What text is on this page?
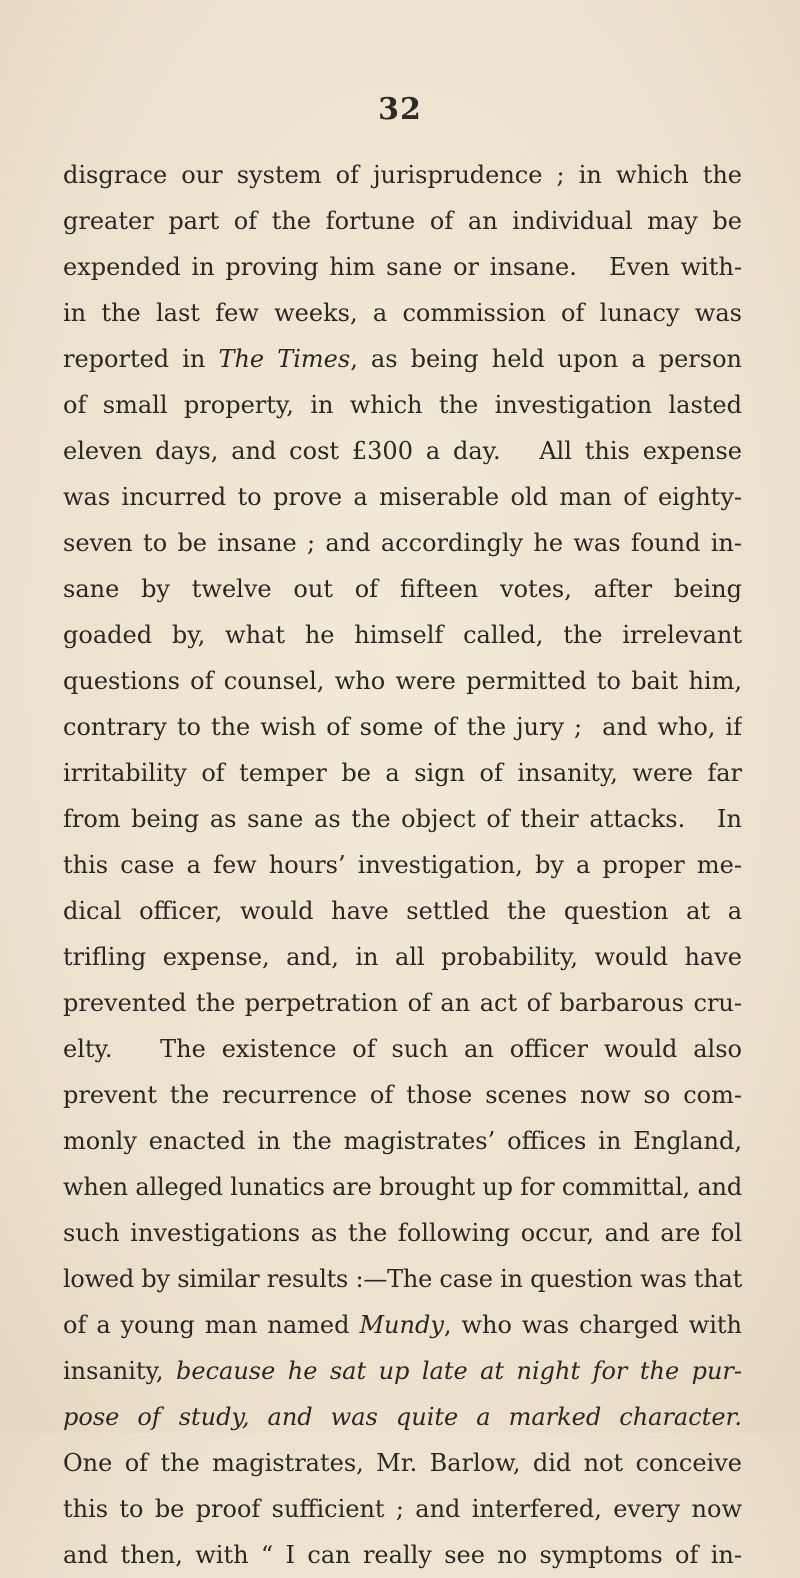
32
disgrace our system of jurisprudence ; in which the
greater part of the fortune of an individual may be
expended in proving him sane or insane.   Even with-
in the last few weeks, a commission of lunacy was
reported in The Times, as being held upon a person
of small property, in which the investigation lasted
eleven days, and cost £300 a day.   All this expense
was incurred to prove a miserable old man of eighty-
seven to be insane ; and accordingly he was found in-
sane by twelve out of fifteen votes, after being
goaded by, what he himself called, the irrelevant
questions of counsel, who were permitted to bait him,
contrary to the wish of some of the jury ;  and who, if
irritability of temper be a sign of insanity, were far
from being as sane as the object of their attacks.   In
this case a few hours’ investigation, by a proper me-
dical officer, would have settled the question at a
trifling expense, and, in all probability, would have
prevented the perpetration of an act of barbarous cru-
elty.   The existence of such an officer would also
prevent the recurrence of those scenes now so com-
monly enacted in the magistrates’ offices in England,
when alleged lunatics are brought up for committal, and
such investigations as the following occur, and are fol
lowed by similar results :—The case in question was that
of a young man named Mundy, who was charged with
insanity, because he sat up late at night for the pur-
pose of study, and was quite a marked character.
One of the magistrates, Mr. Barlow, did not conceive
this to be proof sufficient ; and interfered, every now
and then, with “ I can really see no symptoms of in-
